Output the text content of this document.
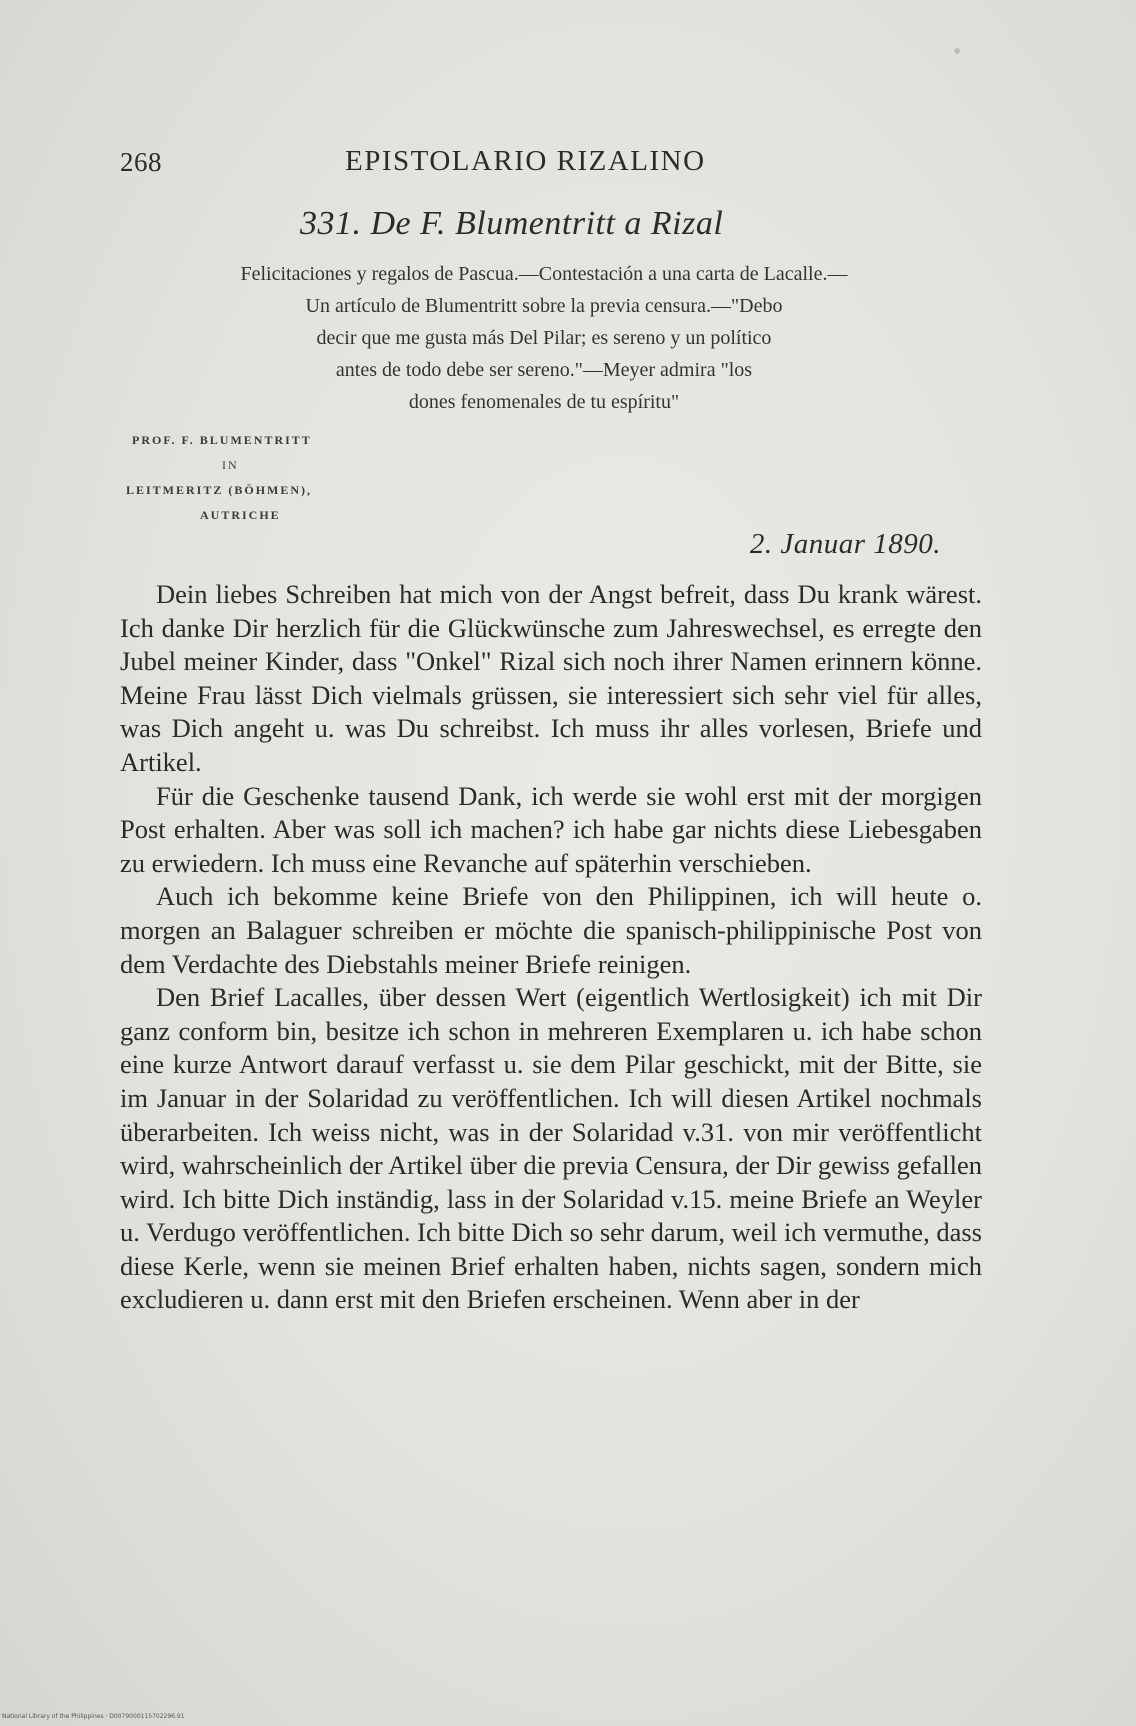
268	EPISTOLARIO RIZALINO
331. De F. Blumentritt a Rizal

Felicitaciones y regalos de Pascua.—Contestación a una carta de Lacalle.—

Un artículo de Blumentritt sobre la previa censura.—"Debo

decir que me gusta más Del Pilar; es sereno y un político

antes de todo debe ser sereno."—Meyer admira "los

dones fenomenales de tu espíritu"

PROF. F. BLUMENTRITT
IN
LEITMERITZ (BÖHMEN),
AUTRICHE
2. Januar 1890.

Dein liebes Schreiben hat mich von der Angst befreit, dass Du krank wärest. Ich danke Dir herzlich für die Glückwünsche zum Jahreswechsel, es erregte den Jubel meiner Kinder, dass "Onkel" Rizal sich noch ihrer Namen erinnern könne. Meine Frau lässt Dich vielmals grüssen, sie interessiert sich sehr viel für alles, was Dich angeht u. was Du schreibst. Ich muss ihr alles vorlesen, Briefe und Artikel.

Für die Geschenke tausend Dank, ich werde sie wohl erst mit der morgigen Post erhalten. Aber was soll ich machen? ich habe gar nichts diese Liebesgaben zu erwiedern. Ich muss eine Revanche auf späterhin verschieben.

Auch ich bekomme keine Briefe von den Philippinen, ich will heute o. morgen an Balaguer schreiben er möchte die spanisch-philippinische Post von dem Verdachte des Diebstahls meiner Briefe reinigen.

Den Brief Lacalles, über dessen Wert (eigentlich Wertlosigkeit) ich mit Dir ganz conform bin, besitze ich schon in mehreren Exemplaren u. ich habe schon eine kurze Antwort darauf verfasst u. sie dem Pilar geschickt, mit der Bitte, sie im Januar in der Solaridad zu veröffentlichen. Ich will diesen Artikel nochmals überarbeiten. Ich weiss nicht, was in der Solaridad v.31. von mir veröffentlicht wird, wahrscheinlich der Artikel über die previa Censura, der Dir gewiss gefallen wird. Ich bitte Dich inständig, lass in der Solaridad v.15. meine Briefe an Weyler u. Verdugo veröffentlichen. Ich bitte Dich so sehr darum, weil ich vermuthe, dass diese Kerle, wenn sie meinen Brief erhalten haben, nichts sagen, sondern mich excludieren u. dann erst mit den Briefen erscheinen. Wenn aber in der

National Library of the Philippines · D0079000115702296.91
